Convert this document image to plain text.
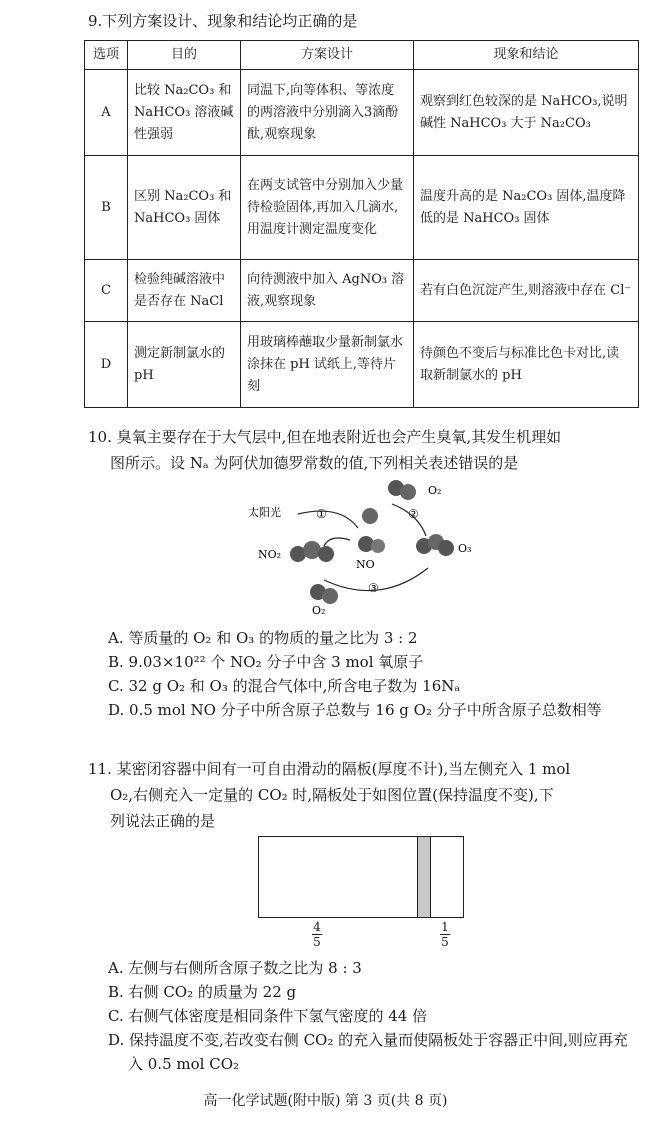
9.下列方案设计、现象和结论均正确的是
选项	目的	方案设计	现象和结论
A	比较 Na₂CO₃ 和 NaHCO₃ 溶液碱性强弱	同温下,向等体积、等浓度的两溶液中分别滴入3滴酚酞,观察现象	观察到红色较深的是 NaHCO₃,说明碱性 NaHCO₃ 大于 Na₂CO₃
B	区别 Na₂CO₃ 和 NaHCO₃ 固体	在两支试管中分别加入少量待检验固体,再加入几滴水,用温度计测定温度变化	温度升高的是 Na₂CO₃ 固体,温度降低的是 NaHCO₃ 固体
C	检验纯碱溶液中是否存在 NaCl	向待测液中加入 AgNO₃ 溶液,观察现象	若有白色沉淀产生,则溶液中存在 Cl⁻
D	测定新制氯水的 pH	用玻璃棒蘸取少量新制氯水涂抹在 pH 试纸上,等待片刻	待颜色不变后与标准比色卡对比,读取新制氯水的 pH

10. 臭氧主要存在于大气层中,但在地表附近也会产生臭氧,其发生机理如

图所示。设 Nₐ 为阿伏加德罗常数的值,下列相关表述错误的是

太阳光	①	②
③
NO₂
NO
O₂
O₃
O₂
A. 等质量的 O₂ 和 O₃ 的物质的量之比为 3 : 2
B. 9.03×10²² 个 NO₂ 分子中含 3 mol 氧原子
C. 32 g O₂ 和 O₃ 的混合气体中,所含电子数为 16Nₐ
D. 0.5 mol NO 分子中所含原子总数与 16 g O₂ 分子中所含原子总数相等

11. 某密闭容器中间有一可自由滑动的隔板(厚度不计),当左侧充入 1 mol

O₂,右侧充入一定量的 CO₂ 时,隔板处于如图位置(保持温度不变),下

列说法正确的是

4
5
1
5
A. 左侧与右侧所含原子数之比为 8 : 3
B. 右侧 CO₂ 的质量为 22 g
C. 右侧气体密度是相同条件下氢气密度的 44 倍
D. 保持温度不变,若改变右侧 CO₂ 的充入量而使隔板处于容器正中间,则应再充入 0.5 mol CO₂
高一化学试题(附中版) 第 3 页(共 8 页)
